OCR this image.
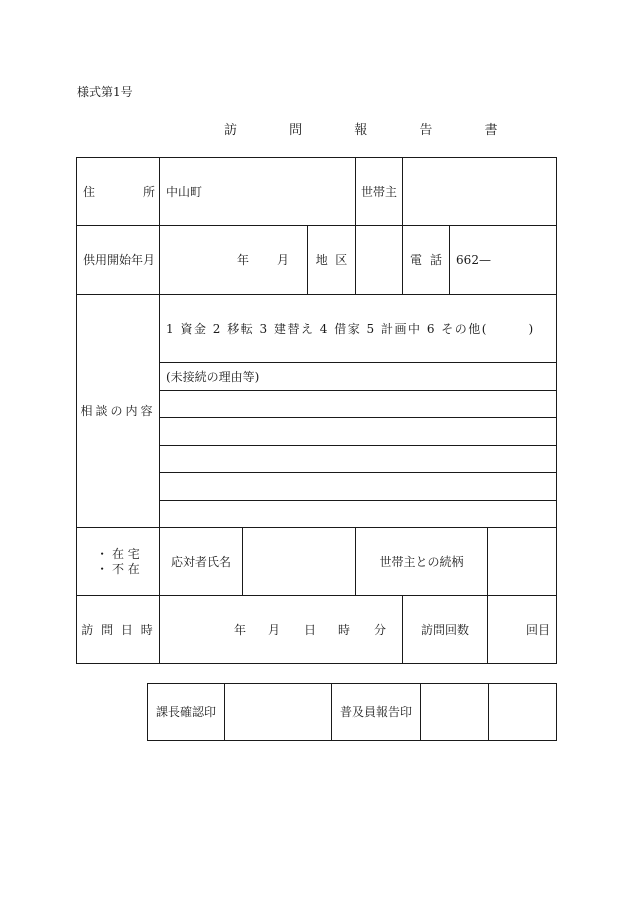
様式第1号
訪 問 報 告 書
住 所	中山町			世帯主			
供用開始年月	年 月		地 区		電 話	662—	
相談の内容	1 資金 2 移転 3 建替え 4 借家 5 計画中 6 その他(　　　)						
	(未接続の理由等)						

・ 在 宅
・ 不 在	応対者氏名			世帯主との続柄			
訪 問 日 時	年 月 日 時 分				訪問回数		回目
課長確認印		普及員報告印		
